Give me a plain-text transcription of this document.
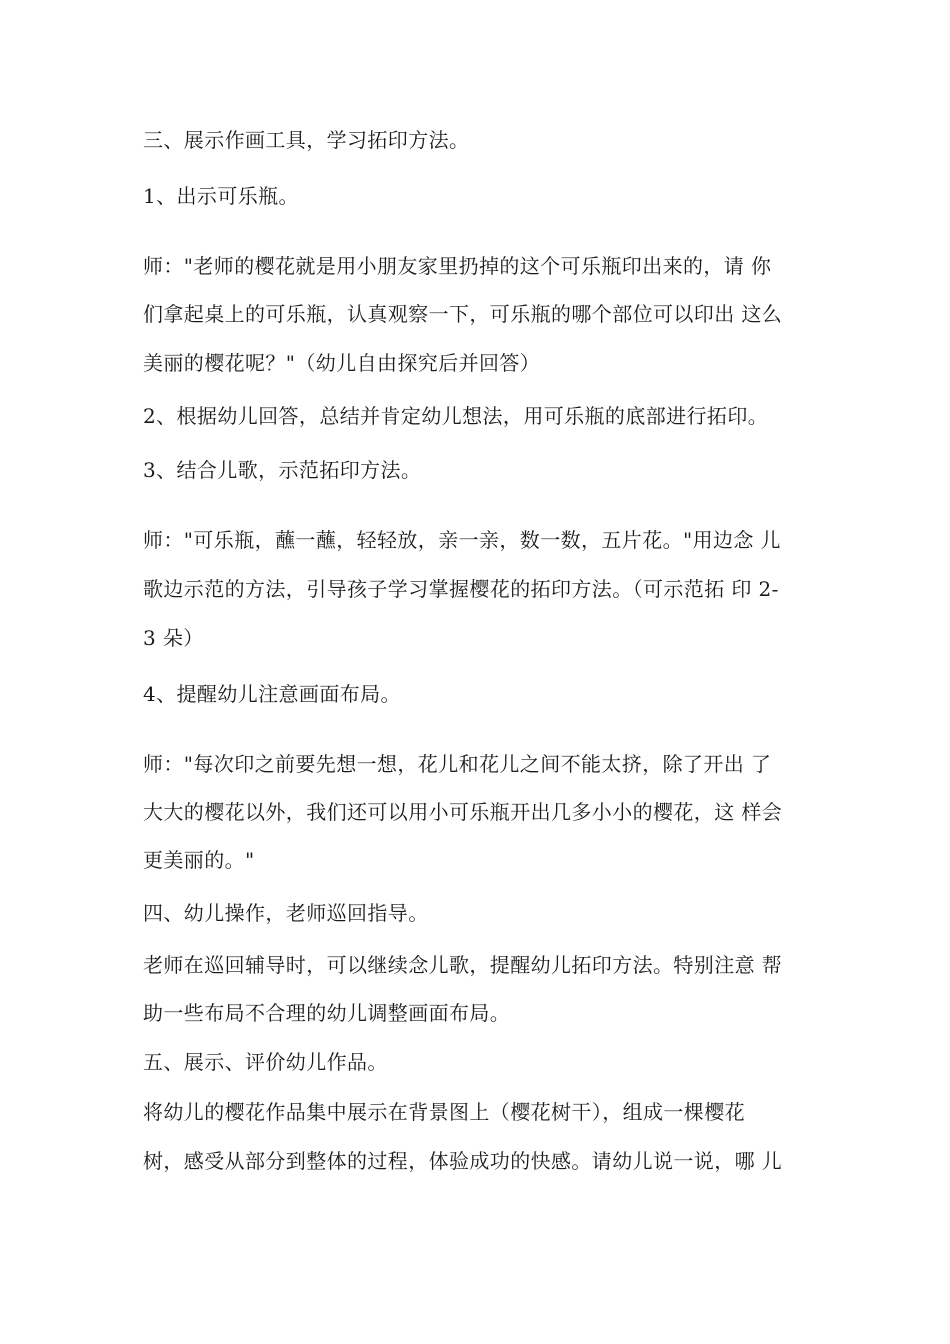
三、展示作画工具，学习拓印方法。
1、出示可乐瓶。
师："老师的樱花就是用小朋友家里扔掉的这个可乐瓶印出来的，请 你
们拿起桌上的可乐瓶，认真观察一下，可乐瓶的哪个部位可以印出 这么
美丽的樱花呢？"（幼儿自由探究后并回答）
2、根据幼儿回答，总结并肯定幼儿想法，用可乐瓶的底部进行拓印。
3、结合儿歌，示范拓印方法。
师："可乐瓶，蘸一蘸，轻轻放，亲一亲，数一数，五片花。"用边念 儿
歌边示范的方法，引导孩子学习掌握樱花的拓印方法。（可示范拓 印 2-
3 朵）
4、提醒幼儿注意画面布局。
师："每次印之前要先想一想，花儿和花儿之间不能太挤，除了开出 了
大大的樱花以外，我们还可以用小可乐瓶开出几多小小的樱花，这 样会
更美丽的。"
四、幼儿操作，老师巡回指导。
老师在巡回辅导时，可以继续念儿歌，提醒幼儿拓印方法。特别注意 帮
助一些布局不合理的幼儿调整画面布局。
五、展示、评价幼儿作品。
将幼儿的樱花作品集中展示在背景图上（樱花树干），组成一棵樱花
树，感受从部分到整体的过程，体验成功的快感。请幼儿说一说，哪 儿
